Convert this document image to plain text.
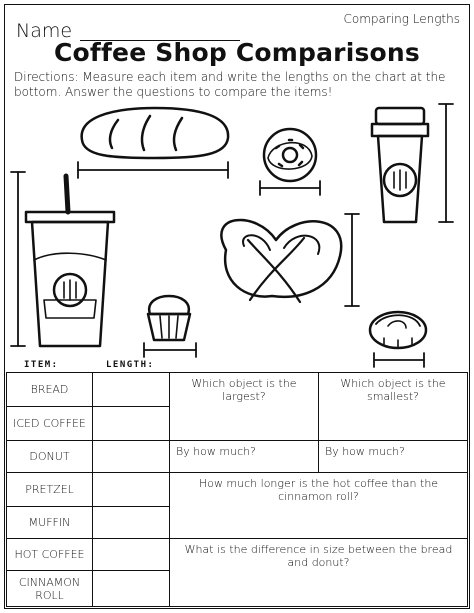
Name
Comparing Lengths
Coffee Shop Comparisons
Directions: Measure each item and write the lengths on the chart at the bottom. Answer the questions to compare the items!
ITEM:	LENGTH:
BREAD		Which object is the largest?	Which object is the smallest?
ICED COFFEE			
DONUT		By how much?	By how much?
PRETZEL		How much longer is the hot coffee than the cinnamon roll?	
MUFFIN			
HOT COFFEE		What is the difference in size between the bread and donut?	
CINNAMON ROLL			
